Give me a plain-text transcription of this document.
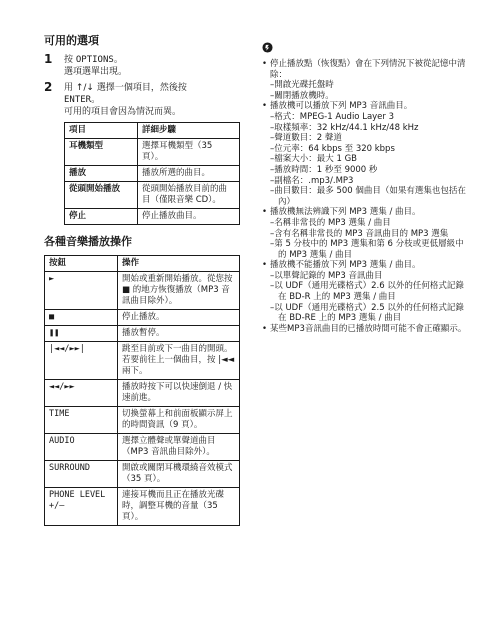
可用的選項
1 按 OPTIONS。
選項選單出現。
2 用 ↑/↓ 選擇一個項目，然後按
ENTER。
可用的項目會因為情況而異。
項目	詳細步驟
耳機類型	選擇耳機類型（35 頁）。
播放	播放所選的曲目。
從頭開始播放	從頭開始播放目前的曲目（僅限音樂 CD）。
停止	停止播放曲目。
各種音樂播放操作
按鈕	操作
►	開始或重新開始播放。從您按 ■ 的地方恢復播放（MP3 音訊曲目除外）。
■	停止播放。
❚❚	播放暫停。
|◄◄/►►|	跳至目前或下一曲目的開頭。若要前往上一個曲目，按 |◄◄ 兩下。
◄◄/►►	播放時按下可以快速倒退 / 快速前進。
TIME	切換螢幕上和前面板顯示屏上的時間資訊（9 頁）。
AUDIO	選擇立體聲或單聲道曲目（MP3 音訊曲目除外）。
SURROUND	開啟或關閉耳機環繞音效模式 （35 頁）。
PHONE LEVEL +/–	連接耳機而且正在播放光碟時，調整耳機的音量（35 頁）。
• 停止播放點（恢復點）會在下列情況下被從記憶中清除：
–開啟光碟托盤時
–關閉播放機時。
• 播放機可以播放下列 MP3 音訊曲目。
–格式：MPEG-1 Audio Layer 3
–取樣頻率：32 kHz/44.1 kHz/48 kHz
–聲道數目：2 聲道
–位元率：64 kbps 至 320 kbps
–檔案大小：最大 1 GB
–播放時間：1 秒至 9000 秒
–副檔名：.mp3/.MP3
–曲目數目：最多 500 個曲目（如果有選集也包括在內）
• 播放機無法辨識下列 MP3 選集 / 曲目。
–名稱非常長的 MP3 選集 / 曲目
–含有名稱非常長的 MP3 音訊曲目的 MP3 選集
–第 5 分枝中的 MP3 選集和第 6 分枝或更低層級中的 MP3 選集 / 曲目
• 播放機不能播放下列 MP3 選集 / 曲目。
–以單聲記錄的 MP3 音訊曲目
–以 UDF（通用光碟格式）2.6 以外的任何格式記錄在 BD-R 上的 MP3 選集 / 曲目
–以 UDF（通用光碟格式）2.5 以外的任何格式記錄在 BD-RE 上的 MP3 選集 / 曲目
• 某些MP3音訊曲目的已播放時間可能不會正確顯示。
